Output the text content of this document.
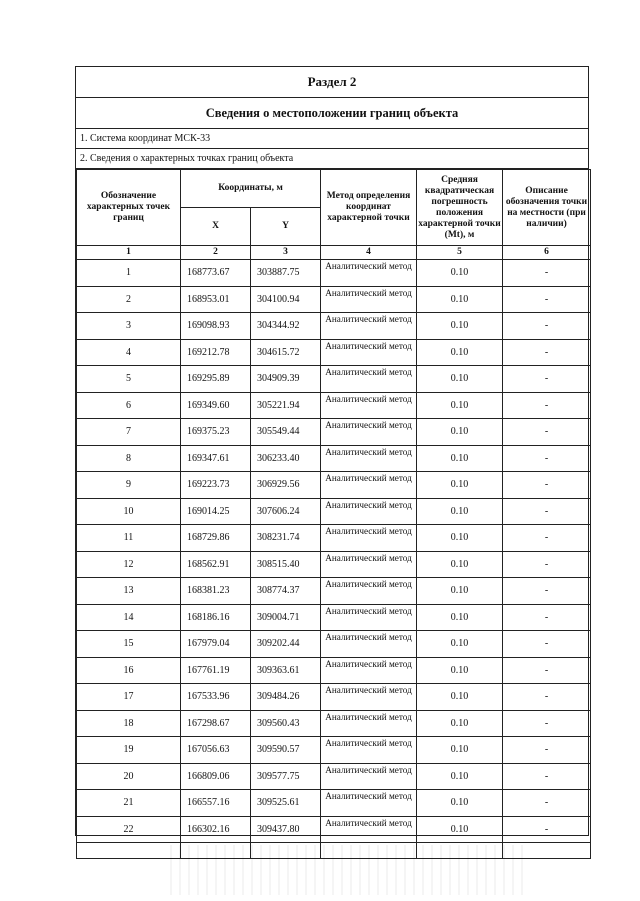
Раздел 2
Сведения о местоположении границ объекта
1. Система координат МСК-33
2. Сведения о характерных точках границ объекта
Обозначение характерных точек границ	Координаты, м		Метод определения координат характерной точки	Средняя квадратическая погрешность положения характерной точки (Mt), м	Описание обозначения точки на местности (при наличии)
	X	Y			
1	2	3	4	5	6
1	168773.67	303887.75	Аналитический метод	0.10	-
2	168953.01	304100.94	Аналитический метод	0.10	-
3	169098.93	304344.92	Аналитический метод	0.10	-
4	169212.78	304615.72	Аналитический метод	0.10	-
5	169295.89	304909.39	Аналитический метод	0.10	-
6	169349.60	305221.94	Аналитический метод	0.10	-
7	169375.23	305549.44	Аналитический метод	0.10	-
8	169347.61	306233.40	Аналитический метод	0.10	-
9	169223.73	306929.56	Аналитический метод	0.10	-
10	169014.25	307606.24	Аналитический метод	0.10	-
11	168729.86	308231.74	Аналитический метод	0.10	-
12	168562.91	308515.40	Аналитический метод	0.10	-
13	168381.23	308774.37	Аналитический метод	0.10	-
14	168186.16	309004.71	Аналитический метод	0.10	-
15	167979.04	309202.44	Аналитический метод	0.10	-
16	167761.19	309363.61	Аналитический метод	0.10	-
17	167533.96	309484.26	Аналитический метод	0.10	-
18	167298.67	309560.43	Аналитический метод	0.10	-
19	167056.63	309590.57	Аналитический метод	0.10	-
20	166809.06	309577.75	Аналитический метод	0.10	-
21	166557.16	309525.61	Аналитический метод	0.10	-
22	166302.16	309437.80	Аналитический метод	0.10	-
